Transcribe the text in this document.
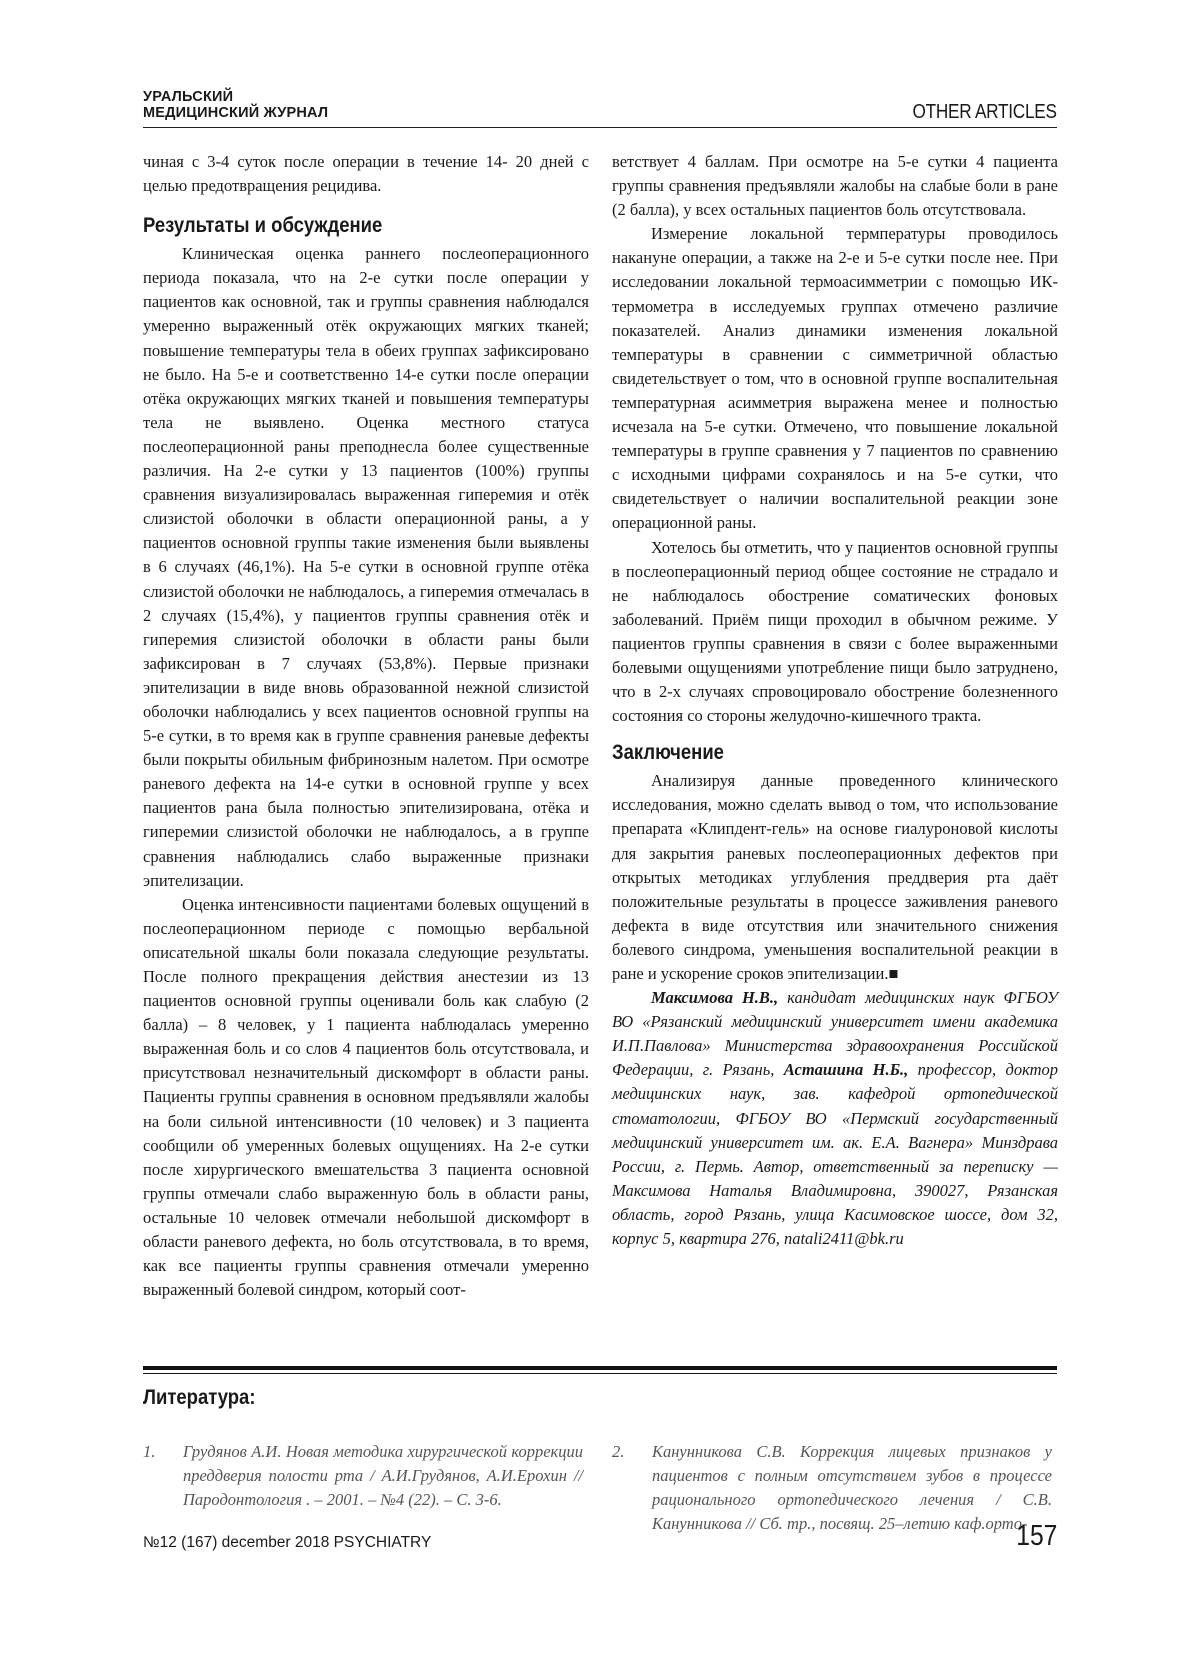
УРАЛЬСКИЙ
МЕДИЦИНСКИЙ ЖУРНАЛ	OTHER ARTICLES

чиная с 3-4 суток после операции в течение 14- 20 дней с целью предотвращения рецидива.

Результаты и обсуждение

Клиническая оценка раннего послеоперационного периода показала, что на 2-е сутки после операции у пациентов как основной, так и группы сравнения наблюдался умеренно выраженный отёк окружающих мягких тканей; повышение температуры тела в обеих группах зафиксировано не было. На 5-е и соответственно 14-е сутки после операции отёка окружающих мягких тканей и повышения температуры тела не выявлено. Оценка местного статуса послеоперационной раны преподнесла более существенные различия. На 2-е сутки у 13 пациентов (100%) группы сравнения визуализировалась выраженная гиперемия и отёк слизистой оболочки в области операционной раны, а у пациентов основной группы такие изменения были выявлены в 6 случаях (46,1%). На 5-е сутки в основной группе отёка слизистой оболочки не наблюдалось, а гиперемия отмечалась в 2 случаях (15,4%), у пациентов группы сравнения отёк и гиперемия слизистой оболочки в области раны были зафиксирован в 7 случаях (53,8%). Первые признаки эпителизации в виде вновь образованной нежной слизистой оболочки наблюдались у всех пациентов основной группы на 5-е сутки, в то время как в группе сравнения раневые дефекты были покрыты обильным фибринозным налетом. При осмотре раневого дефекта на 14-е сутки в основной группе у всех пациентов рана была полностью эпителизирована, отёка и гиперемии слизистой оболочки не наблюдалось, а в группе сравнения наблюдались слабо выраженные признаки эпителизации.

Оценка интенсивности пациентами болевых ощущений в послеоперационном периоде с помощью вербальной описательной шкалы боли показала следующие результаты. После полного прекращения действия анестезии из 13 пациентов основной группы оценивали боль как слабую (2 балла) – 8 человек, у 1 пациента наблюдалась умеренно выраженная боль и со слов 4 пациентов боль отсутствовала, и присутствовал незначительный дискомфорт в области раны. Пациенты группы сравнения в основном предъявляли жалобы на боли сильной интенсивности (10 человек) и 3 пациента сообщили об умеренных болевых ощущениях. На 2-е сутки после хирургического вмешательства 3 пациента основной группы отмечали слабо выраженную боль в области раны, остальные 10 человек отмечали небольшой дискомфорт в области раневого дефекта, но боль отсутствовала, в то время, как все пациенты группы сравнения отмечали умеренно выраженный болевой синдром, который соот-

ветствует 4 баллам. При осмотре на 5-е сутки 4 пациента группы сравнения предъявляли жалобы на слабые боли в ране (2 балла), у всех остальных пациентов боль отсутствовала.

Измерение локальной термпературы проводилось накануне операции, а также на 2-е и 5-е сутки после нее. При исследовании локальной термоасимметрии с помощью ИК-термометра в исследуемых группах отмечено различие показателей. Анализ динамики изменения локальной температуры в сравнении с симметричной областью свидетельствует о том, что в основной группе воспалительная температурная асимметрия выражена менее и полностью исчезала на 5-е сутки. Отмечено, что повышение локальной температуры в группе сравнения у 7 пациентов по сравнению с исходными цифрами сохранялось и на 5-е сутки, что свидетельствует о наличии воспалительной реакции зоне операционной раны.

Хотелось бы отметить, что у пациентов основной группы в послеоперационный период общее состояние не страдало и не наблюдалось обострение соматических фоновых заболеваний. Приём пищи проходил в обычном режиме. У пациентов группы сравнения в связи с более выраженными болевыми ощущениями употребление пищи было затруднено, что в 2-х случаях спровоцировало обострение болезненного состояния со стороны желудочно-кишечного тракта.

Заключение

Анализируя данные проведенного клинического исследования, можно сделать вывод о том, что использование препарата «Клипдент-гель» на основе гиалуроновой кислоты для закрытия раневых послеоперационных дефектов при открытых методиках углубления преддверия рта даёт положительные результаты в процессе заживления раневого дефекта в виде отсутствия или значительного снижения болевого синдрома, уменьшения воспалительной реакции в ране и ускорение сроков эпителизации.■

Максимова Н.В., кандидат медицинских наук ФГБОУ ВО «Рязанский медицинский университет имени академика И.П.Павлова» Министерства здравоохранения Российской Федерации, г. Рязань, Асташина Н.Б., профессор, доктор медицинских наук, зав. кафедрой ортопедической стоматологии, ФГБОУ ВО «Пермский государственный медицинский университет им. ак. Е.А. Вагнера» Минздрава России, г. Пермь. Автор, ответственный за переписку — Максимова Наталья Владимировна, 390027, Рязанская область, город Рязань, улица Касимовское шоссе, дом 32, корпус 5, квартира 276, natali2411@bk.ru

Литература:
1. Грудянов А.И. Новая методика хирургической коррекции преддверия полости рта / А.И.Грудянов, А.И.Ерохин // Пародонтология . – 2001. – №4 (22). – С. 3-6.
2. Канунникова С.В. Коррекция лицевых признаков у пациентов с полным отсутствием зубов в процессе рационального ортопедического лечения / С.В. Канунникова // Сб. тр., посвящ. 25–летию каф.орто-
№12 (167) december 2018 PSYCHIATRY	157
